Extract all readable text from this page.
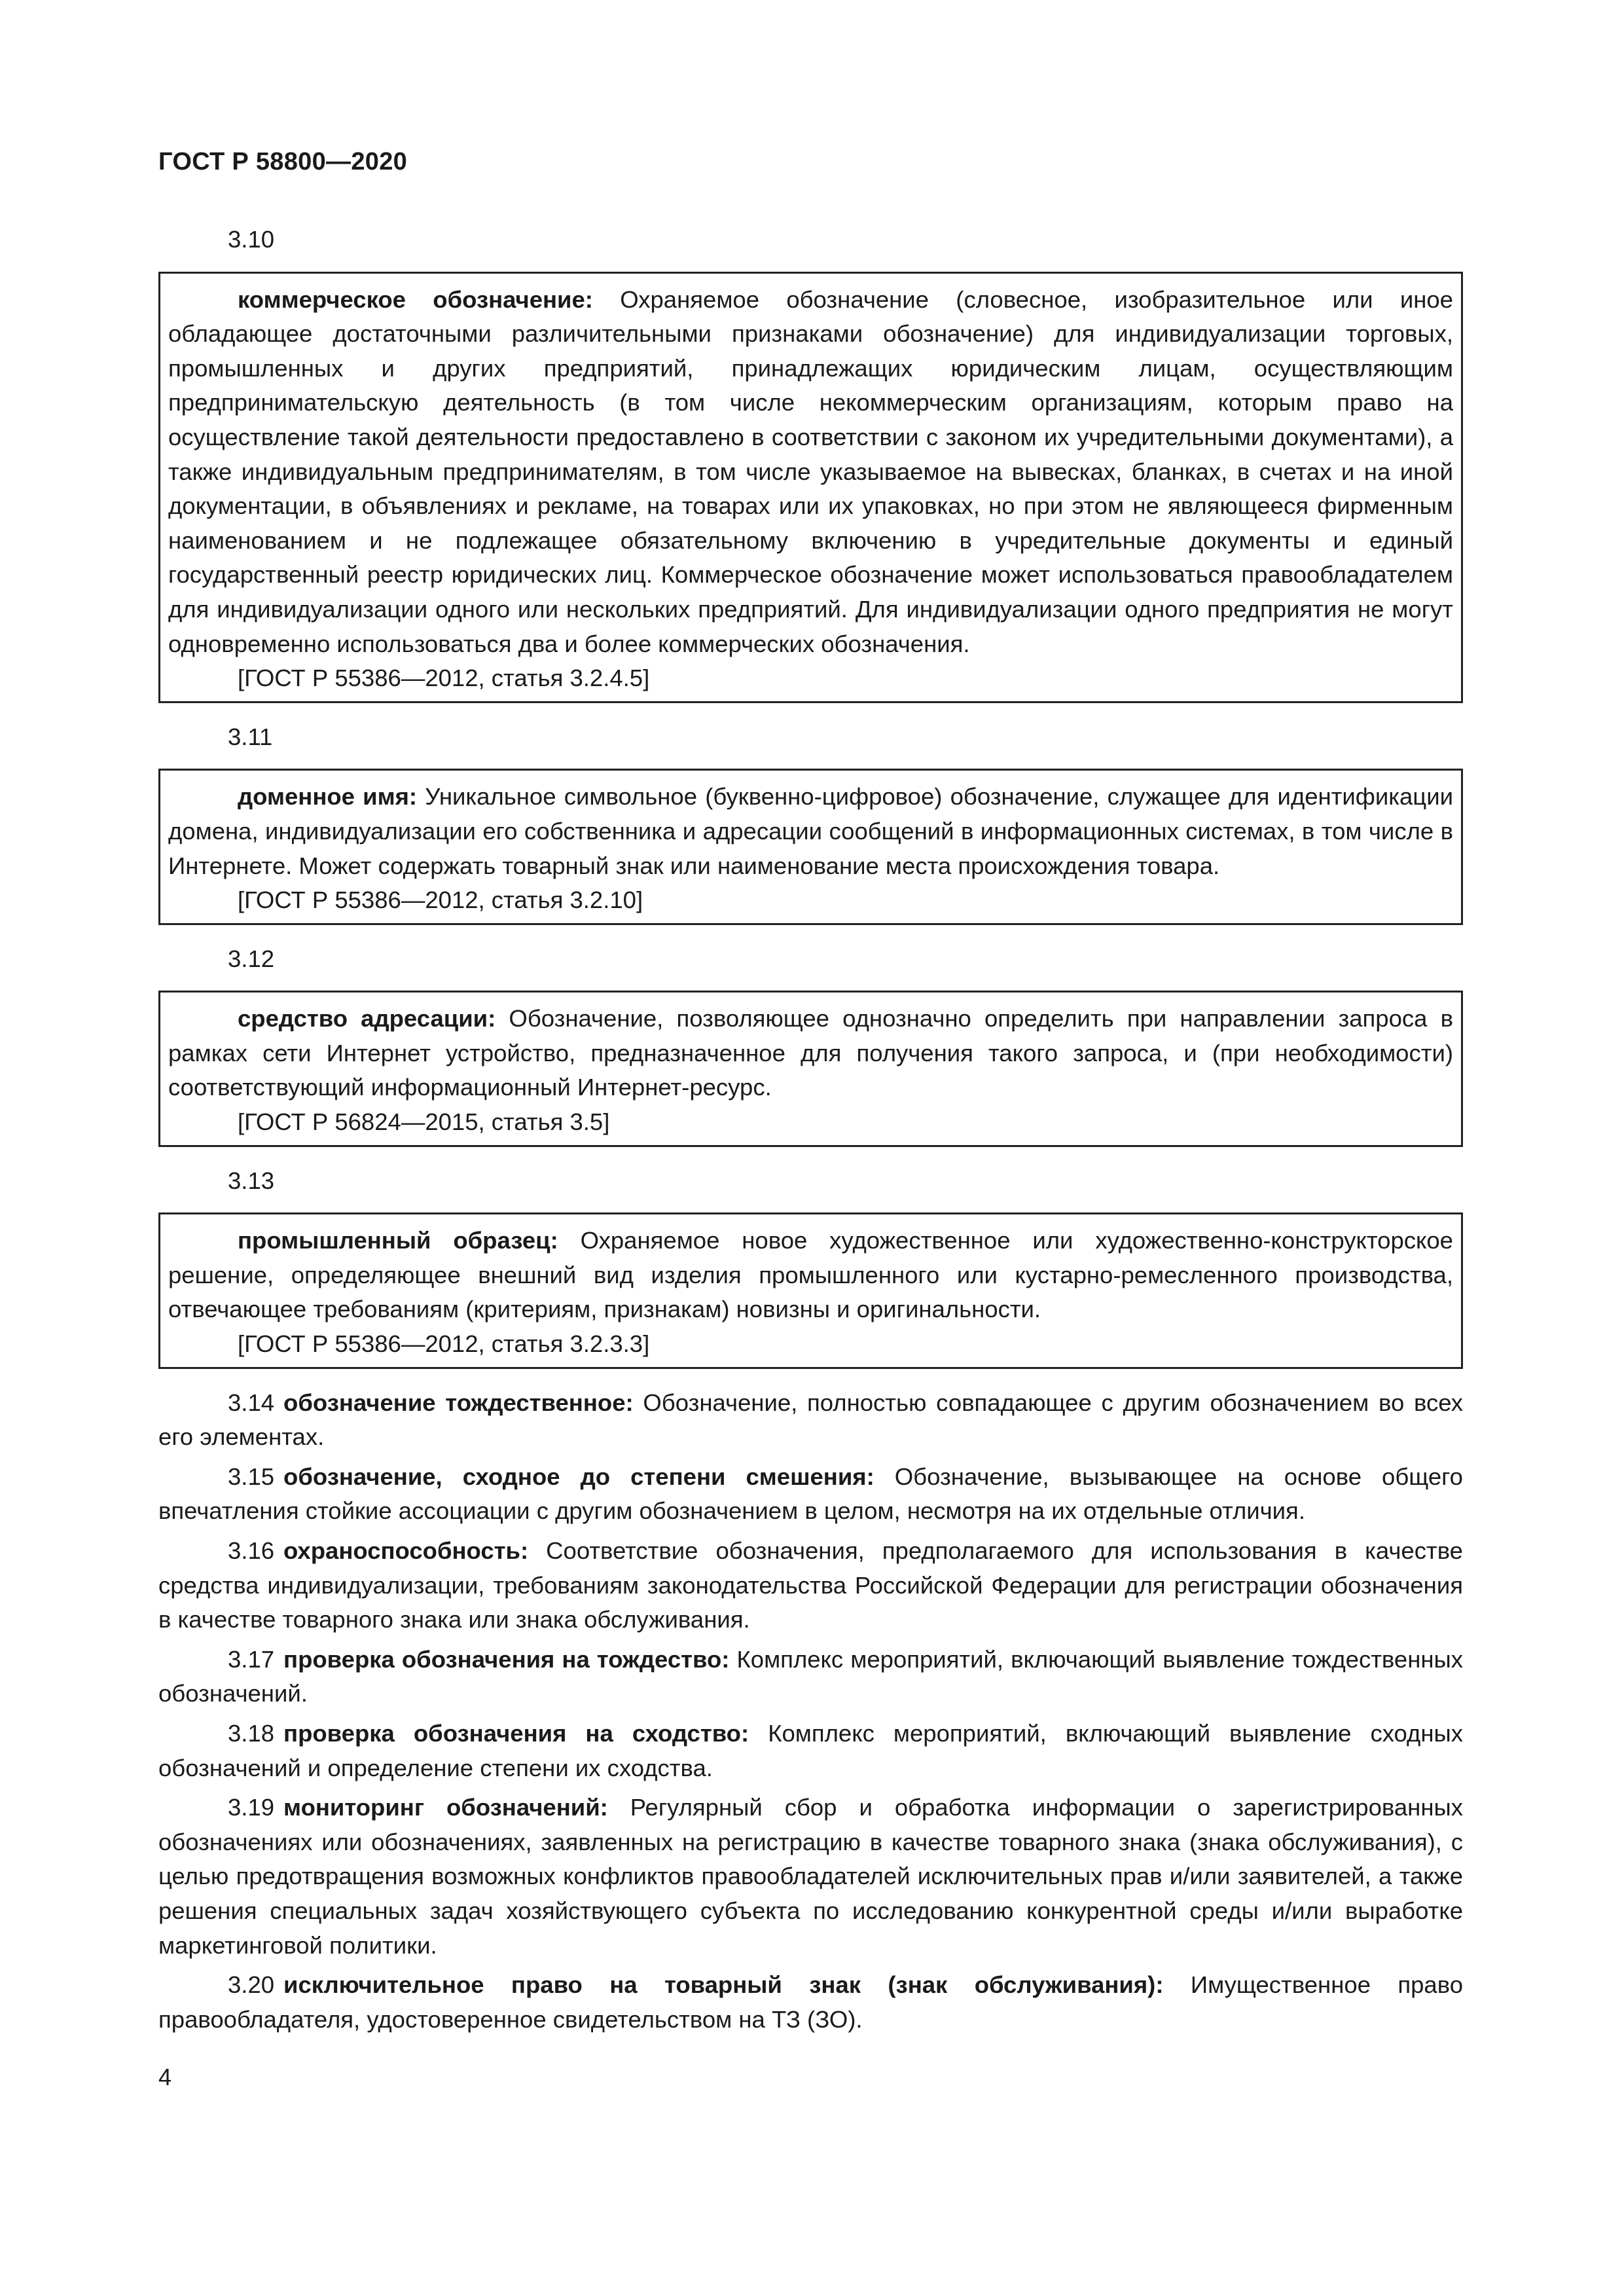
ГОСТ Р 58800—2020
3.10

коммерческое обозначение: Охраняемое обозначение (словесное, изобразительное или иное обладающее достаточными различительными признаками обозначение) для индивидуализации торговых, промышленных и других предприятий, принадлежащих юридическим лицам, осуществляющим предпринимательскую деятельность (в том числе некоммерческим организациям, которым право на осуществление такой деятельности предоставлено в соответствии с законом их учредительными документами), а также индивидуальным предпринимателям, в том числе указываемое на вывесках, бланках, в счетах и на иной документации, в объявлениях и рекламе, на товарах или их упаковках, но при этом не являющееся фирменным наименованием и не подлежащее обязательному включению в учредительные документы и единый государственный реестр юридических лиц. Коммерческое обозначение может использоваться правообладателем для индивидуализации одного или нескольких предприятий. Для индивидуализации одного предприятия не могут одновременно использоваться два и более коммерческих обозначения.

[ГОСТ Р 55386—2012, статья 3.2.4.5]

3.11

доменное имя: Уникальное символьное (буквенно-цифровое) обозначение, служащее для идентификации домена, индивидуализации его собственника и адресации сообщений в информационных системах, в том числе в Интернете. Может содержать товарный знак или наименование места происхождения товара.

[ГОСТ Р 55386—2012, статья 3.2.10]

3.12

средство адресации: Обозначение, позволяющее однозначно определить при направлении запроса в рамках сети Интернет устройство, предназначенное для получения такого запроса, и (при необходимости) соответствующий информационный Интернет-ресурс.

[ГОСТ Р 56824—2015, статья 3.5]

3.13

промышленный образец: Охраняемое новое художественное или художественно-конструкторское решение, определяющее внешний вид изделия промышленного или кустарно-ремесленного производства, отвечающее требованиям (критериям, признакам) новизны и оригинальности.

[ГОСТ Р 55386—2012, статья 3.2.3.3]

3.14 обозначение тождественное: Обозначение, полностью совпадающее с другим обозначением во всех его элементах.

3.15 обозначение, сходное до степени смешения: Обозначение, вызывающее на основе общего впечатления стойкие ассоциации с другим обозначением в целом, несмотря на их отдельные отличия.

3.16 охраноспособность: Соответствие обозначения, предполагаемого для использования в качестве средства индивидуализации, требованиям законодательства Российской Федерации для регистрации обозначения в качестве товарного знака или знака обслуживания.

3.17 проверка обозначения на тождество: Комплекс мероприятий, включающий выявление тождественных обозначений.

3.18 проверка обозначения на сходство: Комплекс мероприятий, включающий выявление сходных обозначений и определение степени их сходства.

3.19 мониторинг обозначений: Регулярный сбор и обработка информации о зарегистрированных обозначениях или обозначениях, заявленных на регистрацию в качестве товарного знака (знака обслуживания), с целью предотвращения возможных конфликтов правообладателей исключительных прав и/или заявителей, а также решения специальных задач хозяйствующего субъекта по исследованию конкурентной среды и/или выработке маркетинговой политики.

3.20 исключительное право на товарный знак (знак обслуживания): Имущественное право правообладателя, удостоверенное свидетельством на ТЗ (ЗО).

4
